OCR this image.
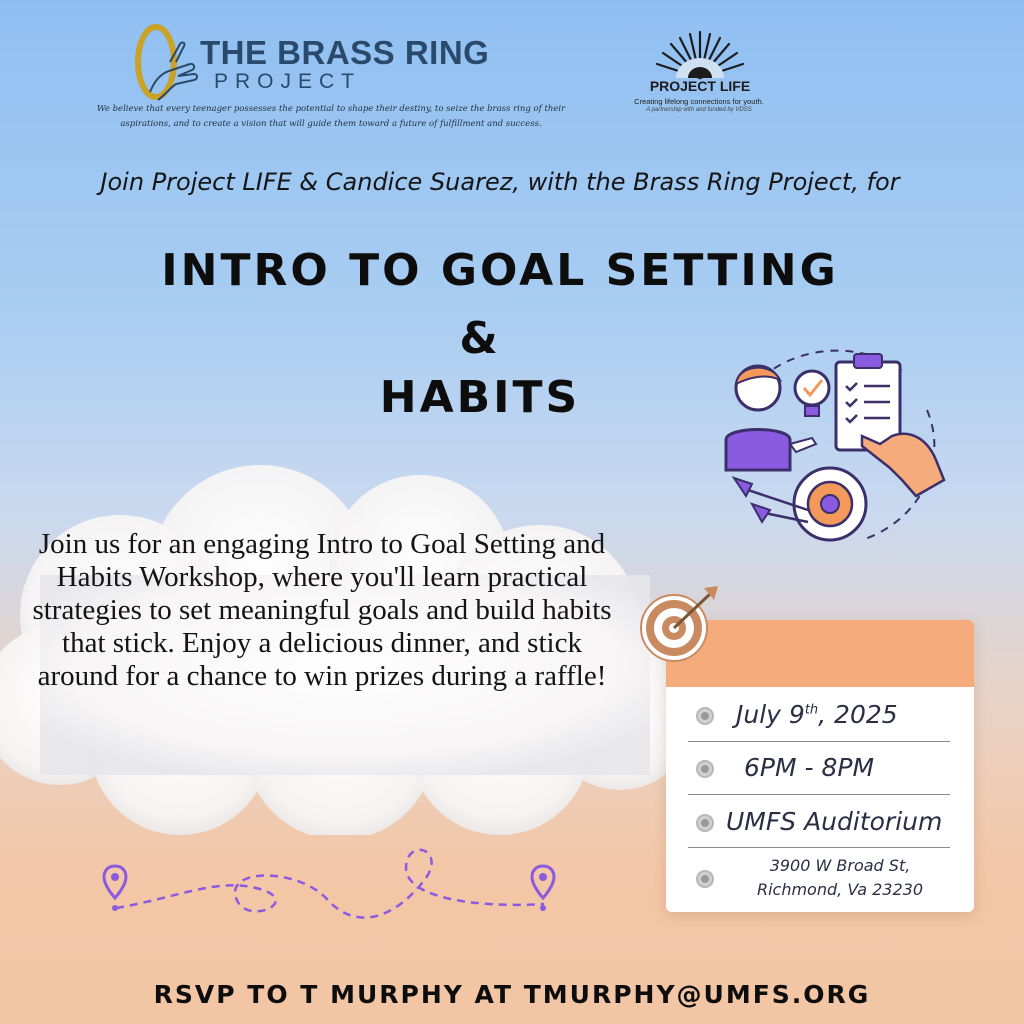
THE BRASS RING
PROJECT
We believe that every teenager possesses the potential to shape their destiny, to seize the brass ring of their aspirations, and to create a vision that will guide them toward a future of fulfillment and success.
PROJECT LIFE
Creating lifelong connections for youth.
A partnership with and funded by VDSS
Join Project LIFE & Candice Suarez, with the Brass Ring Project, for
INTRO TO GOAL SETTING
&
HABITS
Join us for an engaging Intro to Goal Setting and Habits Workshop, where you'll learn practical strategies to set meaningful goals and build habits that stick. Enjoy a delicious dinner, and stick around for a chance to win prizes during a raffle!
July 9th, 2025
6PM - 8PM
UMFS Auditorium
3900 W Broad St,
Richmond, Va 23230
RSVP TO T MURPHY AT TMURPHY@UMFS.ORG
